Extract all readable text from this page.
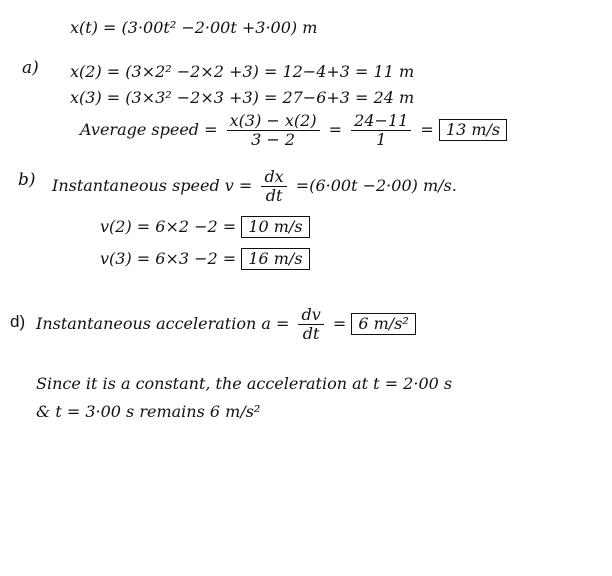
x(t) = (3·00t² −2·00t +3·00) m
a) x(2) = (3×2² −2×2 +3) = 12−4+3 = 11 m
x(3) = (3×3² −2×3 +3) = 27−6+3 = 24 m
Average speed = $\frac{x(3) - x(2)}{3 - 2} = \frac{24-11}{1} = 13$ m/s
b) Instantaneous speed $v = \frac{dx}{dt} =(6\cdot 00t -2\cdot 00)$ m/s.
v(2) = 6×2 −2 = 10 m/s
v(3) = 6×3 −2 = 16 m/s
d) Instantaneous acceleration $a = \frac{dv}{dt} = 6$ m/s²
Since it is a constant, the acceleration at t = 2·00 s
& t = 3·00 s remains 6 m/s²
